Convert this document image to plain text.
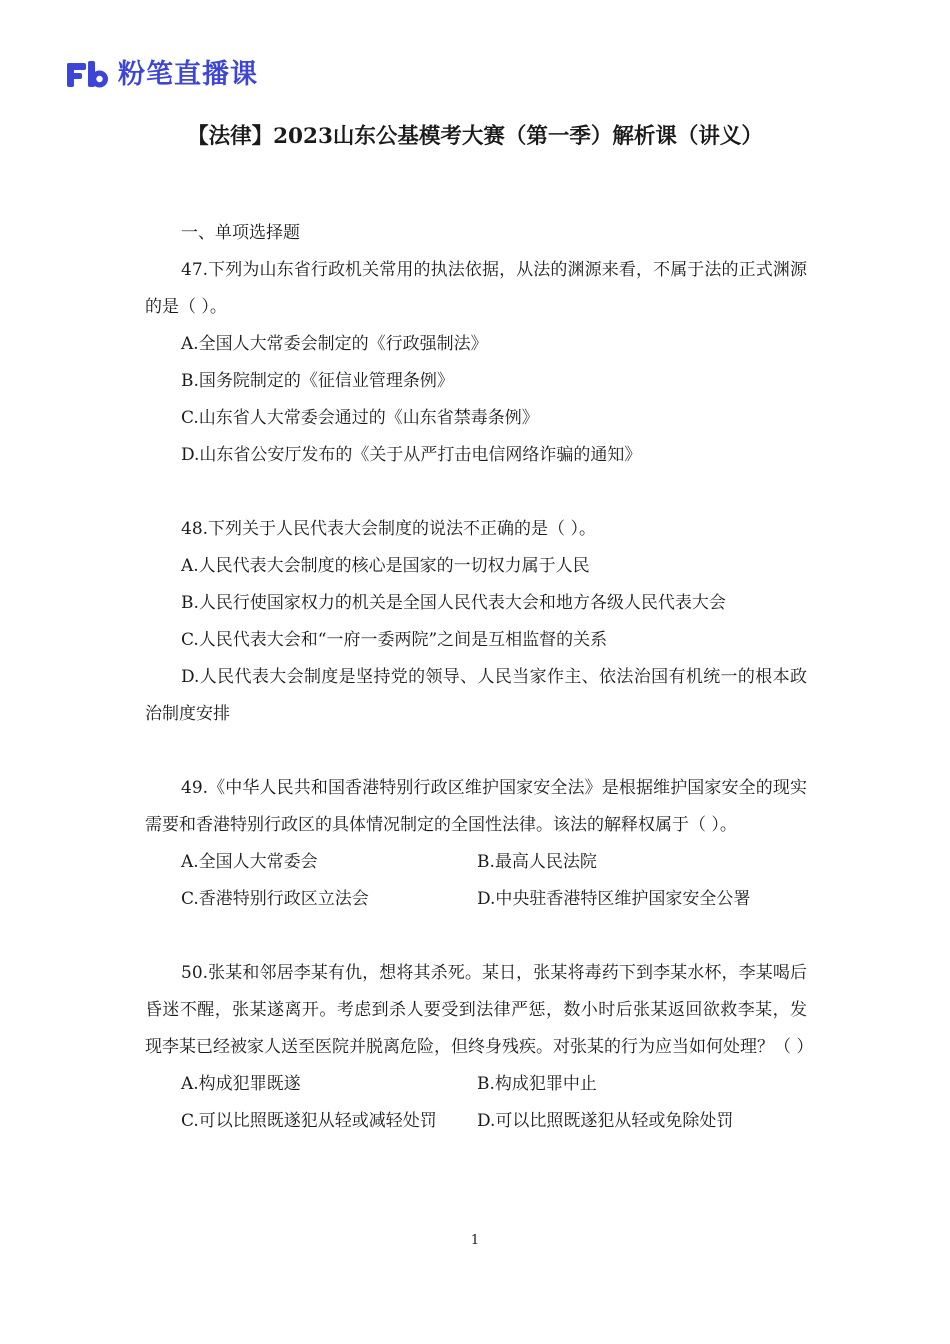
粉笔直播课
【法律】2023山东公基模考大赛（第一季）解析课（讲义）

一、单项选择题

47.下列为山东省行政机关常用的执法依据，从法的渊源来看，不属于法的正式渊源的是（ ）。

A.全国人大常委会制定的《行政强制法》

B.国务院制定的《征信业管理条例》

C.山东省人大常委会通过的《山东省禁毒条例》

D.山东省公安厅发布的《关于从严打击电信网络诈骗的通知》

48.下列关于人民代表大会制度的说法不正确的是（ ）。

A.人民代表大会制度的核心是国家的一切权力属于人民

B.人民行使国家权力的机关是全国人民代表大会和地方各级人民代表大会

C.人民代表大会和“一府一委两院”之间是互相监督的关系

D.人民代表大会制度是坚持党的领导、人民当家作主、依法治国有机统一的根本政治制度安排

49.《中华人民共和国香港特别行政区维护国家安全法》是根据维护国家安全的现实需要和香港特别行政区的具体情况制定的全国性法律。该法的解释权属于（ ）。

A.全国人大常委会	B.最高人民法院
C.香港特别行政区立法会	D.中央驻香港特区维护国家安全公署

50.张某和邻居李某有仇，想将其杀死。某日，张某将毒药下到李某水杯，李某喝后昏迷不醒，张某遂离开。考虑到杀人要受到法律严惩，数小时后张某返回欲救李某，发现李某已经被家人送至医院并脱离危险，但终身残疾。对张某的行为应当如何处理？（ ）

A.构成犯罪既遂	B.构成犯罪中止
C.可以比照既遂犯从轻或减轻处罚	D.可以比照既遂犯从轻或免除处罚
1
